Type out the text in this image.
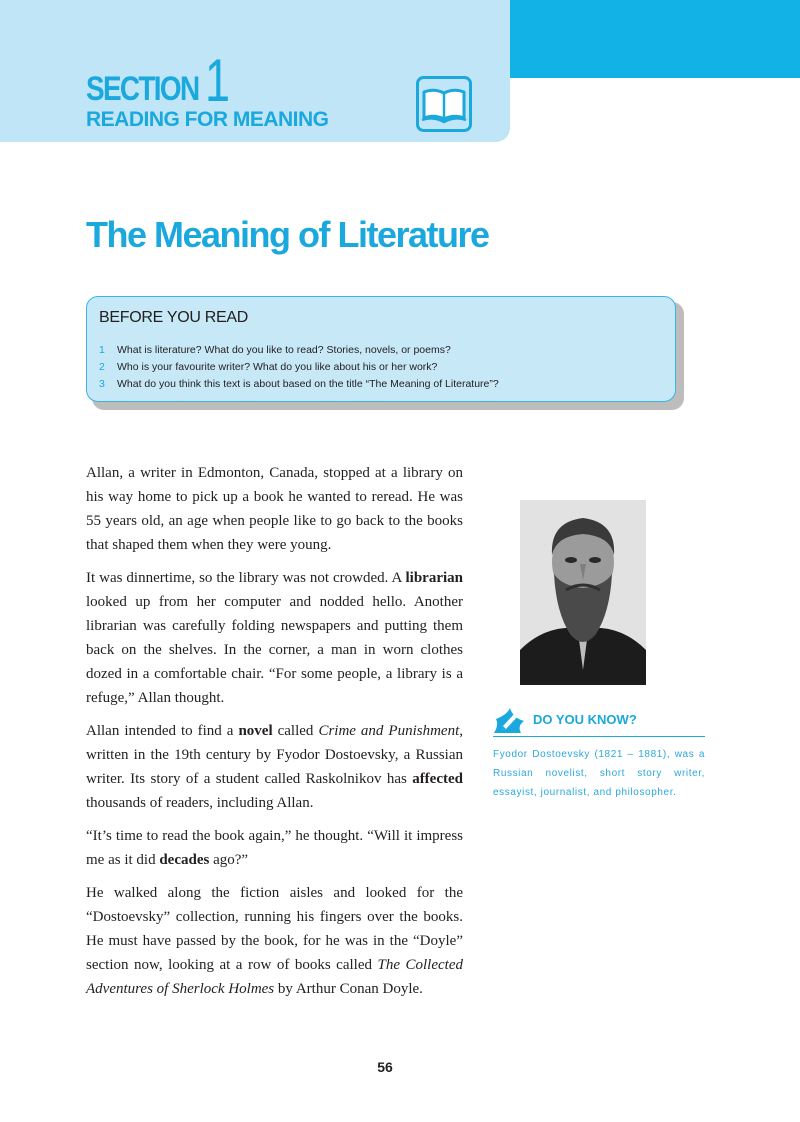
SECTION 1
READING FOR MEANING
The Meaning of Literature
BEFORE YOU READ
1 What is literature? What do you like to read? Stories, novels, or poems?
2 Who is your favourite writer? What do you like about his or her work?
3 What do you think this text is about based on the title “The Meaning of Literature”?

Allan, a writer in Edmonton, Canada, stopped at a library on his way home to pick up a book he wanted to reread. He was 55 years old, an age when people like to go back to the books that shaped them when they were young.

It was dinnertime, so the library was not crowded. A librarian looked up from her computer and nodded hello. Another librarian was carefully folding newspapers and putting them back on the shelves. In the corner, a man in worn clothes dozed in a comfortable chair. “For some people, a library is a refuge,” Allan thought.

Allan intended to find a novel called Crime and Punishment, written in the 19th century by Fyodor Dostoevsky, a Russian writer. Its story of a student called Raskolnikov has affected thousands of readers, including Allan.

“It’s time to read the book again,” he thought. “Will it impress me as it did decades ago?”

He walked along the fiction aisles and looked for the “Dostoevsky” collection, running his fingers over the books. He must have passed by the book, for he was in the “Doyle” section now, looking at a row of books called The Collected Adventures of Sherlock Holmes by Arthur Conan Doyle.

DO YOU KNOW?

Fyodor Dostoevsky (1821 – 1881), was a Russian novelist, short story writer, essayist, journalist, and philosopher.

56
